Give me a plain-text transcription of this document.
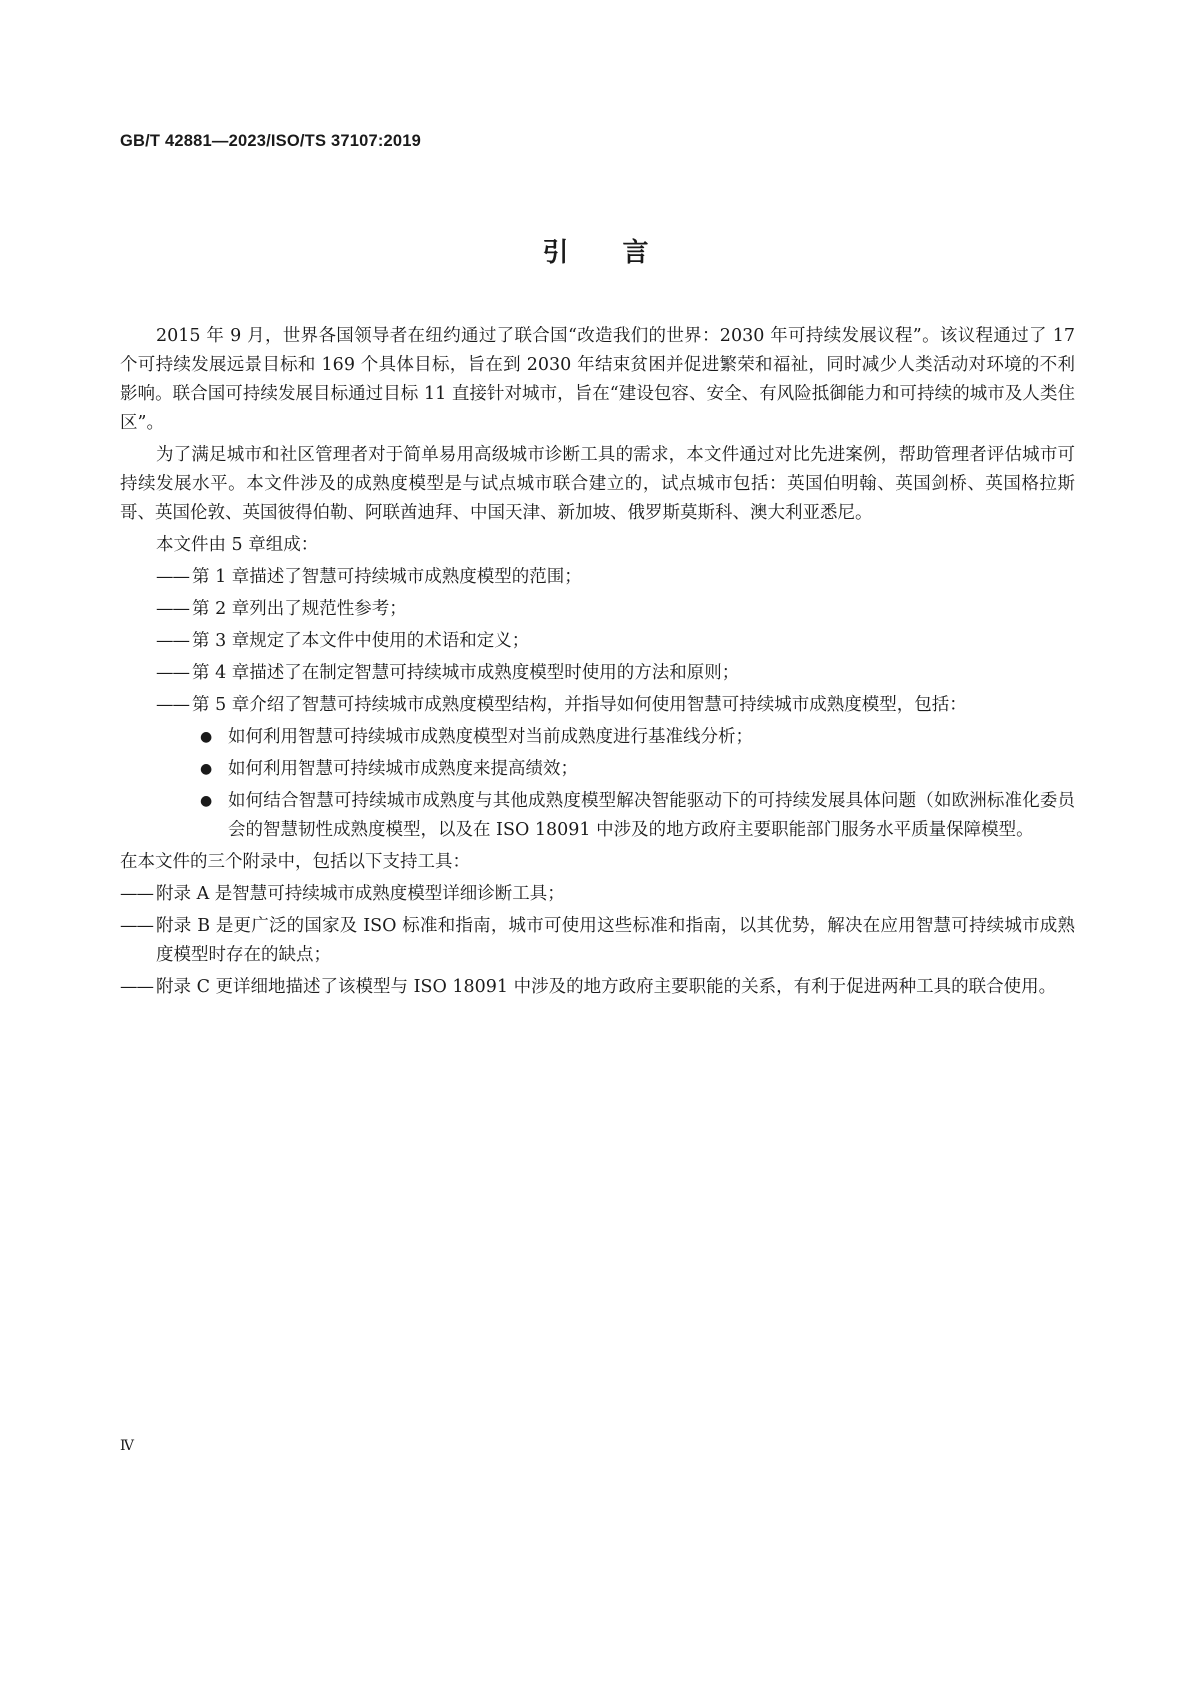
GB/T 42881—2023/ISO/TS 37107:2019
引言

2015 年 9 月，世界各国领导者在纽约通过了联合国“改造我们的世界：2030 年可持续发展议程”。该议程通过了 17 个可持续发展远景目标和 169 个具体目标，旨在到 2030 年结束贫困并促进繁荣和福祉，同时减少人类活动对环境的不利影响。联合国可持续发展目标通过目标 11 直接针对城市，旨在“建设包容、安全、有风险抵御能力和可持续的城市及人类住区”。

为了满足城市和社区管理者对于简单易用高级城市诊断工具的需求，本文件通过对比先进案例，帮助管理者评估城市可持续发展水平。本文件涉及的成熟度模型是与试点城市联合建立的，试点城市包括：英国伯明翰、英国剑桥、英国格拉斯哥、英国伦敦、英国彼得伯勒、阿联酋迪拜、中国天津、新加坡、俄罗斯莫斯科、澳大利亚悉尼。

本文件由 5 章组成：

—— 第 1 章描述了智慧可持续城市成熟度模型的范围；
—— 第 2 章列出了规范性参考；
—— 第 3 章规定了本文件中使用的术语和定义；
—— 第 4 章描述了在制定智慧可持续城市成熟度模型时使用的方法和原则；
—— 第 5 章介绍了智慧可持续城市成熟度模型结构，并指导如何使用智慧可持续城市成熟度模型，包括：
● 如何利用智慧可持续城市成熟度模型对当前成熟度进行基准线分析；
● 如何利用智慧可持续城市成熟度来提高绩效；
● 如何结合智慧可持续城市成熟度与其他成熟度模型解决智能驱动下的可持续发展具体问题（如欧洲标准化委员会的智慧韧性成熟度模型，以及在 ISO 18091 中涉及的地方政府主要职能部门服务水平质量保障模型。

在本文件的三个附录中，包括以下支持工具：

—— 附录 A 是智慧可持续城市成熟度模型详细诊断工具；
—— 附录 B 是更广泛的国家及 ISO 标准和指南，城市可使用这些标准和指南，以其优势，解决在应用智慧可持续城市成熟度模型时存在的缺点；
—— 附录 C 更详细地描述了该模型与 ISO 18091 中涉及的地方政府主要职能的关系，有利于促进两种工具的联合使用。
Ⅳ
